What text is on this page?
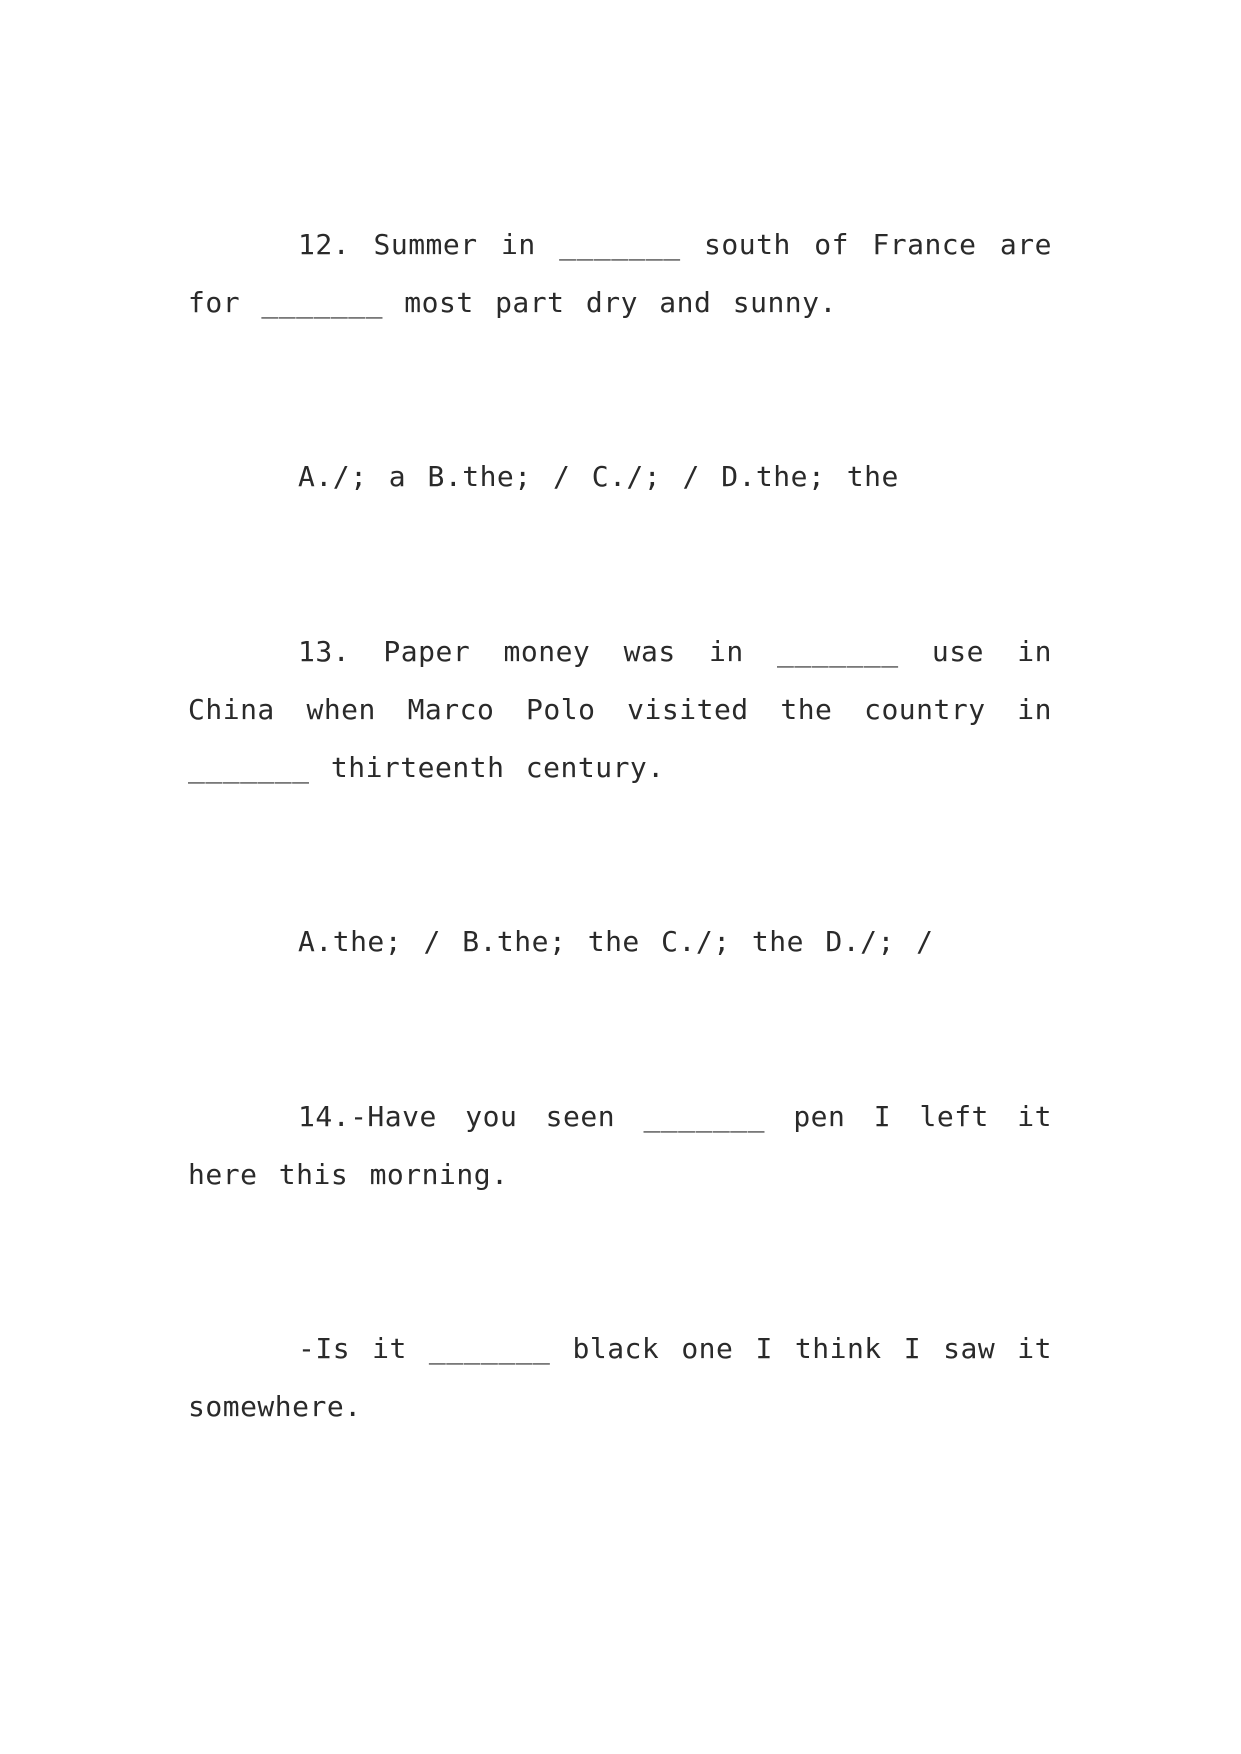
12. Summer in _______ south of France are for _______ most part dry and sunny.

A./; a B.the; / C./; / D.the; the

13. Paper money was in _______ use in China when Marco Polo visited the country in _______ thirteenth century.

A.the; / B.the; the C./; the D./; /

14.-Have you seen _______ pen I left it here this morning.

-Is it _______ black one I think I saw it somewhere.
